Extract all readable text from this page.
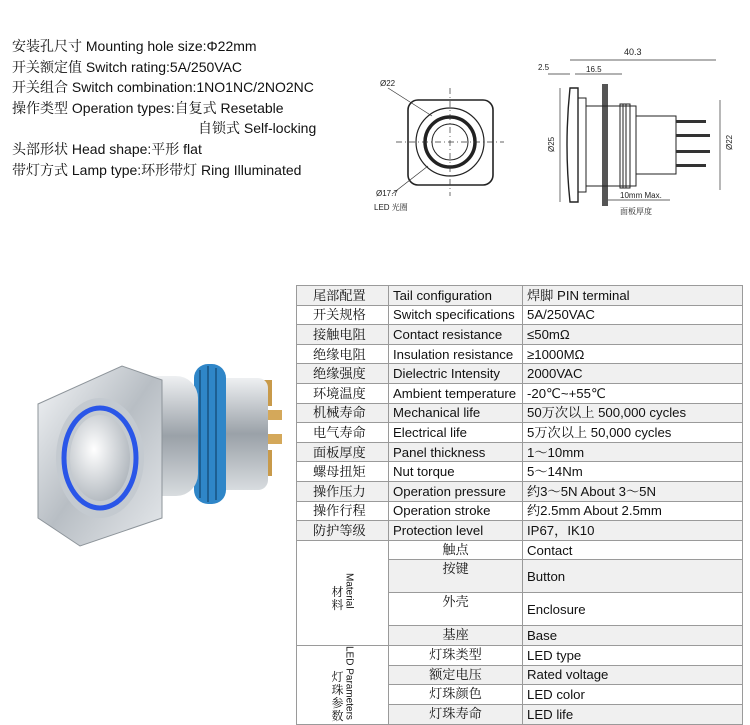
安装孔尺寸 Mounting hole size:Φ22mm
开关额定值 Switch rating:5A/250VAC
开关组合 Switch combination:1NO1NC/2NO2NC
操作类型 Operation types:自复式 Resetable
自锁式 Self-locking
头部形状 Head shape:平形 flat
带灯方式 Lamp type:环形带灯 Ring Illuminated
Ø22
Ø17.7
LED 光圈
40.3
2.5	16.5
Ø25	Ø22
10mm Max.
面板厚度
尾部配置	Tail configuration	焊脚 PIN terminal	
开关规格	Switch specifications	5A/250VAC	
接触电阻	Contact resistance	≤50mΩ	
绝缘电阻	Insulation resistance	≥1000MΩ	
绝缘强度	Dielectric Intensity	2000VAC	
环境温度	Ambient temperature	-20℃~+55℃	
机械寿命	Mechanical life	50万次以上 500,000 cycles	
电气寿命	Electrical life	5万次以上 50,000 cycles	
面板厚度	Panel thickness	1～10mm	
螺母扭矩	Nut torque	5～14Nm	
操作压力	Operation pressure	约3～5N About 3～5N	
操作行程	Operation stroke	约2.5mm About 2.5mm	
防护等级	Protection level	IP67，IK10	
材料Material	触点	Contact	

	按键	Button	

	外壳	Enclosure	

	基座	Base	
灯珠参数LED Parameters	灯珠类型	LED type	

	额定电压	Rated voltage	

	灯珠颜色	LED color	

	灯珠寿命	LED life	
